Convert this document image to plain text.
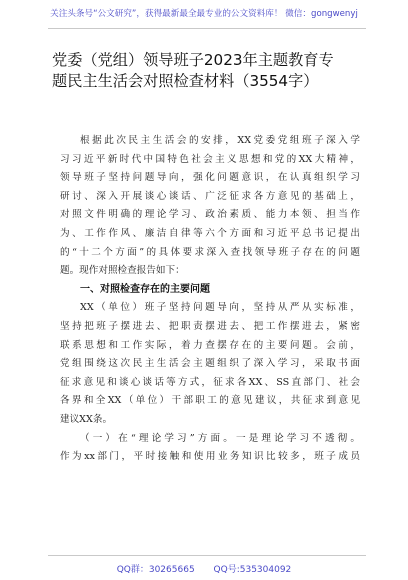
关注头条号“公文研究”，获得最新最全最专业的公文资料库！ 微信：gongwenyj
党委（党组）领导班子2023年主题教育专
题民主生活会对照检查材料（3554字）
根据此次民主生活会的安排，XX党委党组班子深入学
习习近平新时代中国特色社会主义思想和党的XX大精神，
领导班子坚持问题导向，强化问题意识，在认真组织学习
研讨、深入开展谈心谈话、广泛征求各方意见的基础上，
对照文件明确的理论学习、政治素质、能力本领、担当作
为、工作作风、廉洁自律等六个方面和习近平总书记提出
的“十二个方面”的具体要求深入查找领导班子存在的问题
题。现作对照检查报告如下：
一、对照检查存在的主要问题
XX（单位）班子坚持问题导向，坚持从严从实标准，
坚持把班子摆进去、把职责摆进去、把工作摆进去，紧密
联系思想和工作实际，着力查摆存在的主要问题。会前，
党组围绕这次民主生活会主题组织了深入学习，采取书面
征求意见和谈心谈话等方式，征求各XX、SS直部门、社会
各界和全XX（单位）干部职工的意见建议，共征求到意见
建议XX条。
（一）在“理论学习”方面。一是理论学习不透彻。
作为xx部门，平时接触和使用业务知识比较多，班子成员
QQ群：30265665 QQ号:535304092
